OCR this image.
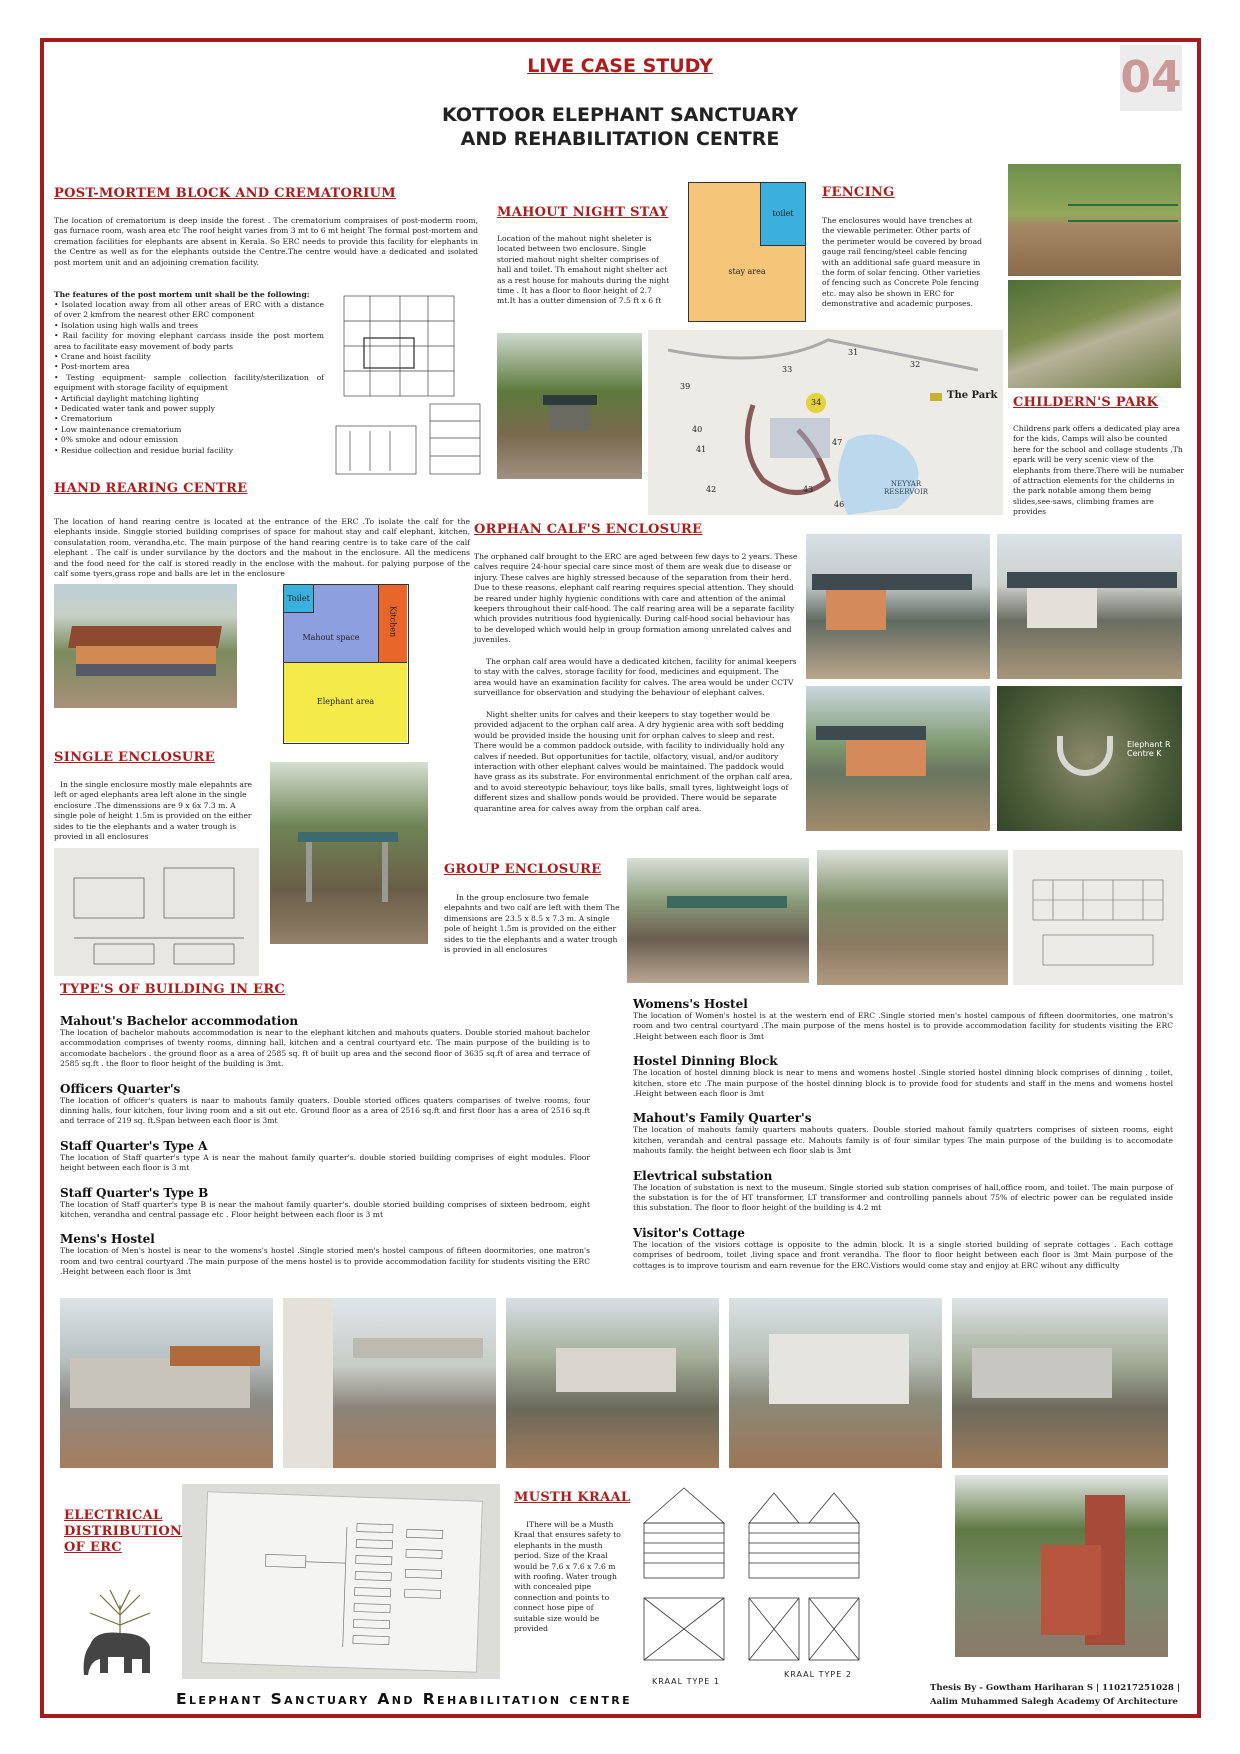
LIVE CASE STUDY	04
KOTTOOR ELEPHANT SANCTUARY
AND REHABILITATION CENTRE
POST-MORTEM BLOCK AND CREMATORIUM
The location of crematorium is deep inside the forest . The crematorium compraises of post-moderm room, gas furnace room, wash area etc The roof height varies from 3 mt to 6 mt height The formal post-mortem and cremation facilities for elephants are absent in Kerala. So ERC needs to provide this facility for elephants in the Centre as well as for the elephants outside the Centre.The centre would have a dedicated and isolated post mortem unit and an adjoining cremation facility.
The features of the post mortem unit shall be the following:
• Isolated location away from all other areas of ERC with a distance of over 2 kmfrom the nearest other ERC component
• Isolation using high walls and trees
• Rail facility for moving elephant carcass inside the post mortem area to facilitate easy movement of body parts
• Crane and hoist facility
• Post-mortem area
• Testing equipment- sample collection facility/sterilization of equipment with storage facility of equipment
• Artificial daylight matching lighting
• Dedicated water tank and power supply
• Crematorium
• Low maintenance crematorium
• 0% smoke and odour emission
• Residue collection and residue burial facility
MAHOUT NIGHT STAY
Location of the mahout night sheleter is located between two enclosure. Single storied mahout night shelter comprises of hall and toilet. Th emahout night shelter act as a rest house for mahouts during the night time . It has a floor to floor height of 2.7 mt.It has a outter dimension of 7.5 ft x 6 ft
toilet
stay area
FENCING
The enclosures would have trenches at the viewable perimeter. Other parts of the perimeter would be covered by broad gauge rail fencing/steel cable fencing with an additional safe guard measure in the form of solar fencing. Other varieties of fencing such as Concrete Pole fencing etc. may also be shown in ERC for demonstrative and academic purposes.
The Park
NEYYAR RESERVOIR
31
32
33
34
39
40
41
42	43
46
47
CHILDERN'S PARK
Childrens park offers a dedicated play area for the kids, Camps will also be counted here for the school and collage students ,Th epark will be very scenic view of the elephants from there.There will be numaber of attraction elements for the childerns in the park notable among them being slides,see-saws, climbing frames are provides
HAND REARING CENTRE
The location of hand rearing centre is located at the entrance of the ERC .To isolate the calf for the elephants inside. Singgle storied building comprises of space for mahout stay and calf elephant, kitchen, consulatation room, verandha,etc. The main purpose of the hand rearing centre is to take care of the calf elephant . The calf is under survilance by the doctors and the mahout in the enclosure. All the medicens and the food need for the calf is stored readly in the enclose with the mahout. for palying purpose of the calf some tyers,grass rope and balls are let in the enclosure
Mahout space
Toilet
Kitchen
Elephant area
ORPHAN CALF'S ENCLOSURE
The orphaned calf brought to the ERC are aged between few days to 2 years. These calves require 24-hour special care since most of them are weak due to disease or injury. These calves are highly stressed because of the separation from their herd. Due to these reasons, elephant calf rearing requires special attention. They should be reared under highly hygienic conditions with care and attention of the animal keepers throughout their calf-hood. The calf rearing area will be a separate facility which provides nutritious food hygienically. During calf-hood social behaviour has to be developed which would help in group formation among unrelated calves and juveniles.
The orphan calf area would have a dedicated kitchen, facility for animal keepers to stay with the calves, storage facility for food, medicines and equipment. The area would have an examination facility for calves. The area would be under CCTV surveillance for observation and studying the behaviour of elephant calves.
Night shelter units for calves and their keepers to stay together would be provided adjacent to the orphan calf area. A dry hygienic area with soft bedding would be provided inside the housing unit for orphan calves to sleep and rest. There would be a common paddock outside, with facility to individually hold any calves if needed. But opportunities for tactile, olfactory, visual, and/or auditory interaction with other elephant calves would be maintained. The paddock would have grass as its substrate. For environmental enrichment of the orphan calf area, and to avoid stereotypic behaviour, toys like balls, small tyres, lightweight logs of different sizes and shallow ponds would be provided. There would be separate quarantine area for calves away from the orphan calf area.
Elephant R Centre K
SINGLE ENCLOSURE
In the single enclosure mostly male elepahnts are left or aged elephants area left alone in the single enclosure .The dimenssions are 9 x 6x 7.3 m. A single pole of height 1.5m is provided on the either sides to tie the elephants and a water trough is provied in all enclosures
GROUP ENCLOSURE
In the group enclosure two female elepahnts and two calf are left with them The dimensions are 23.5 x 8.5 x 7.3 m. A single pole of height 1.5m is provided on the either sides to tie the elephants and a water trough is provied in all enclosures
TYPE'S OF BUILDING IN ERC
Mahout's Bachelor accommodation
The location of bachelor mahouts accommodation is near to the elephant kitchen and mahouts quaters. Double storied mahout bachelor accommodation comprises of twenty rooms, dinning hall, kitchen and a central courtyard etc. The main purpose of the building is to accomodate bachelors . the ground floor as a area of 2585 sq. ft of built up area and the second floor of 3635 sq.ft of area and terrace of 2585 sq.ft . the floor to floor height of the building is 3mt.
Officers Quarter's
The location of officer's quaters is naar to mahouts family quaters. Double storied offices quaters comparises of twelve rooms, four dinning halls, four kitchen, four living room and a sit out etc. Ground floor as a area of 2516 sq.ft and first floor has a area of 2516 sq.ft and terrace of 219 sq. ft.Span between each floor is 3mt
Staff Quarter's Type A
The location of Staff quarter's type A is near the mahout family quarter's. double storied building comprises of eight modules. Floor height between each floor is 3 mt
Staff Quarter's Type B
The location of Staff quarter's type B is near the mahout family quarter's. double storied building comprises of sixteen bedroom, eight kitchen, verandha and central passage etc . Floor height between each floor is 3 mt
Mens's Hostel
The location of Men's hostel is near to the womens's hostel .Single storied men's hostel campous of fifteen doormitories, one matron's room and two central courtyard .The main purpose of the mens hostel is to provide accommodation facility for students visiting the ERC .Height between each floor is 3mt
Womens's Hostel
The location of Women's hostel is at the western end of ERC .Single storied men's hostel campous of fifteen doormitories, one matron's room and two central courtyard .The main purpose of the mens hostel is to provide accommodation facility for students visiting the ERC .Height between each floor is 3mt
Hostel Dinning Block
The location of hostel dinning block is near to mens and womens hostel .Single storied hostel dinning block comprises of dinning , toilet, kitchen, store etc .The main purpose of the hostel dinning block is to provide food for students and staff in the mens and womens hostel .Height between each floor is 3mt
Mahout's Family Quarter's
The location of mahouts family quarters mahouts quaters. Double storied mahout family quatrters comprises of sixteen rooms, eight kitchen, verandah and central passage etc. Mahouts family is of four similar types The main purpose of the building is to accomodate mahouts family. the height between ech floor slab is 3mt
Elevtrical substation
The location of substation is next to the museum. Single storied sub station comprises of hall,office room, and toilet. The main purpose of the substation is for the of HT transformer, LT transformer and controlling pannels about 75% of electric power can be regulated inside this substation. The floor to floor height of the building is 4.2 mt
Visitor's Cottage
The location of the visiors cottage is opposite to the admin block. It is a single storied building of seprate cottages . Each cottage comprises of bedroom, toilet ,living space and front verandha. The floor to floor height between each floor is 3mt Main purpose of the cottages is to improve tourism and earn revenue for the ERC.Vistiors would come stay and enjjoy at ERC wihout any difficulty
ELECTRICAL
DISTRIBUTION
OF ERC
MUSTH KRAAL
IThere will be a Musth Kraal that ensures safety to elephants in the musth period. Size of the Kraal would be 7.6 x 7.6 x 7.6 m with roofing. Water trough with concealed pipe connection and points to connect hose pipe of suitable size would be provided
KRAAL TYPE 1
KRAAL TYPE 2
Elephant Sanctuary And Rehabilitation centre
Thesis By - Gowtham Hariharan S | 110217251028 |
Aalim Muhammed Salegh Academy Of Architecture
